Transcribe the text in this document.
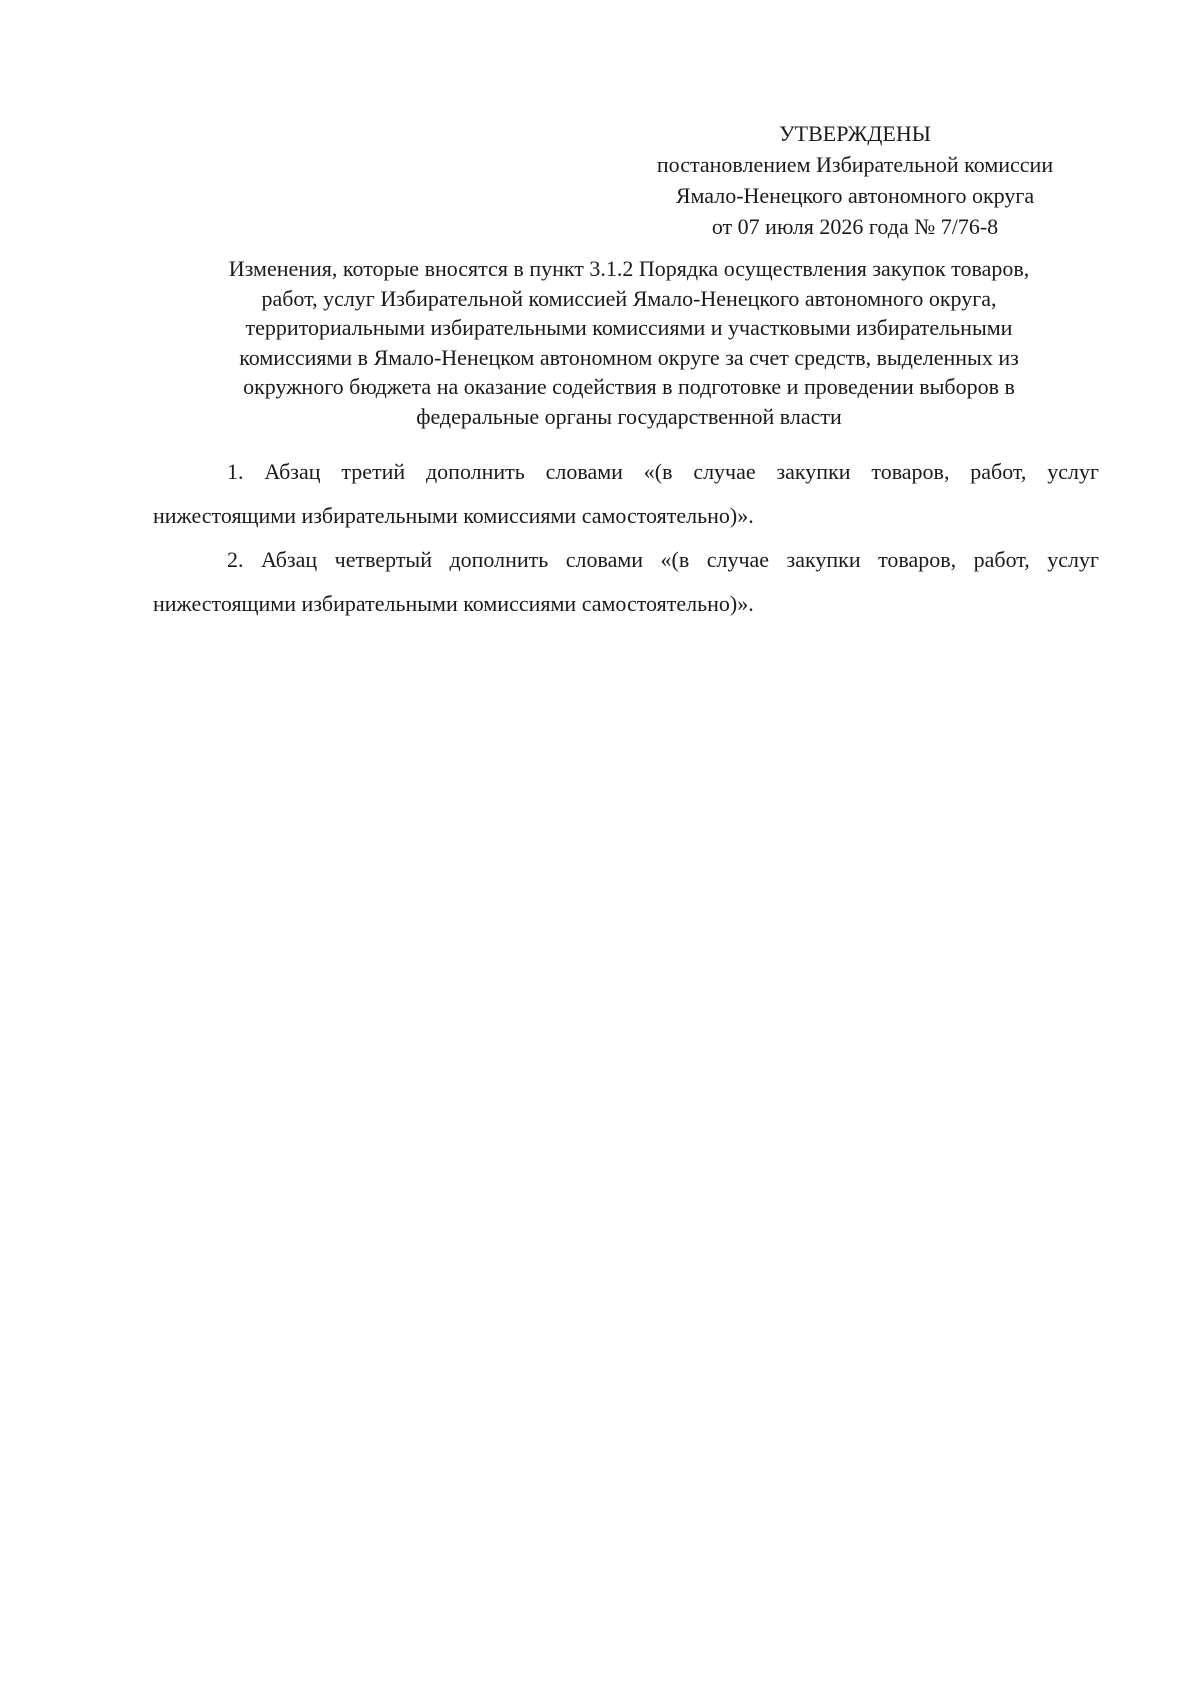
УТВЕРЖДЕНЫ
постановлением Избирательной комиссии
Ямало-Ненецкого автономного округа
от 07 июля 2026 года № 7/76-8
Изменения, которые вносятся в пункт 3.1.2 Порядка осуществления закупок товаров,
работ, услуг Избирательной комиссией Ямало-Ненецкого автономного округа,
территориальными избирательными комиссиями и участковыми избирательными
комиссиями в Ямало-Ненецком автономном округе за счет средств, выделенных из
окружного бюджета на оказание содействия в подготовке и проведении выборов в
федеральные органы государственной власти
1. Абзац третий дополнить словами «(в случае закупки товаров, работ, услуг
нижестоящими избирательными комиссиями самостоятельно)».
2. Абзац четвертый дополнить словами «(в случае закупки товаров, работ, услуг
нижестоящими избирательными комиссиями самостоятельно)».
